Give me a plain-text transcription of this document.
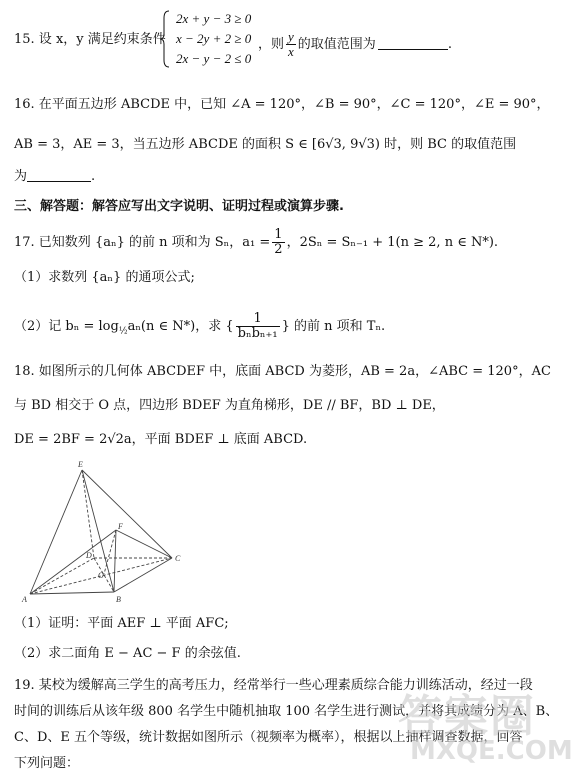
15. 设 x，y 满足约束条件
2x + y − 3 ≥ 0
x − 2y + 2 ≥ 0
2x − y − 2 ≤ 0
，则 $\frac{y}{x}$ 的取值范围为	.
16. 在平面五边形 ABCDE 中，已知 ∠A = 120°，∠B = 90°，∠C = 120°，∠E = 90°，
AB = 3，AE = 3，当五边形 ABCDE 的面积 S ∈ [6√3, 9√3) 时，则 BC 的取值范围
为	.
三、解答题：解答应写出文字说明、证明过程或演算步骤.
17. 已知数列 {aₙ} 的前 n 项和为 Sₙ，$a_1 = \frac{1}{2}$ ，2Sₙ = Sₙ₋₁ + 1(n ≥ 2, n ∈ N*).
（1）求数列 {aₙ} 的通项公式;
（2）记 $b_n = \log_{\frac{1}{2}}a_n(n$ ∈ N*)，求 { $\frac{1}{\text{bₙbₙ₊₁}}$ } 的前 n 项和 Tₙ.
18. 如图所示的几何体 ABCDEF 中，底面 ABCD 为菱形，AB = 2a，∠ABC = 120°，AC
与 BD 相交于 O 点，四边形 BDEF 为直角梯形，DE // BF，BD ⊥ DE，
DE = 2BF = 2√2a，平面 BDEF ⊥ 底面 ABCD.
E
F
D
O
A	B
C
（1）证明：平面 AEF ⊥ 平面 AFC;
（2）求二面角 E − AC − F 的余弦值.
19. 某校为缓解高三学生的高考压力，经常举行一些心理素质综合能力训练活动，经过一段
时间的训练后从该年级 800 名学生中随机抽取 100 名学生进行测试，并将其成绩分为 A、B、
C、D、E 五个等级，统计数据如图所示（视频率为概率），根据以上抽样调查数据，回答
下列问题：
答案圈
MXQE.COM
